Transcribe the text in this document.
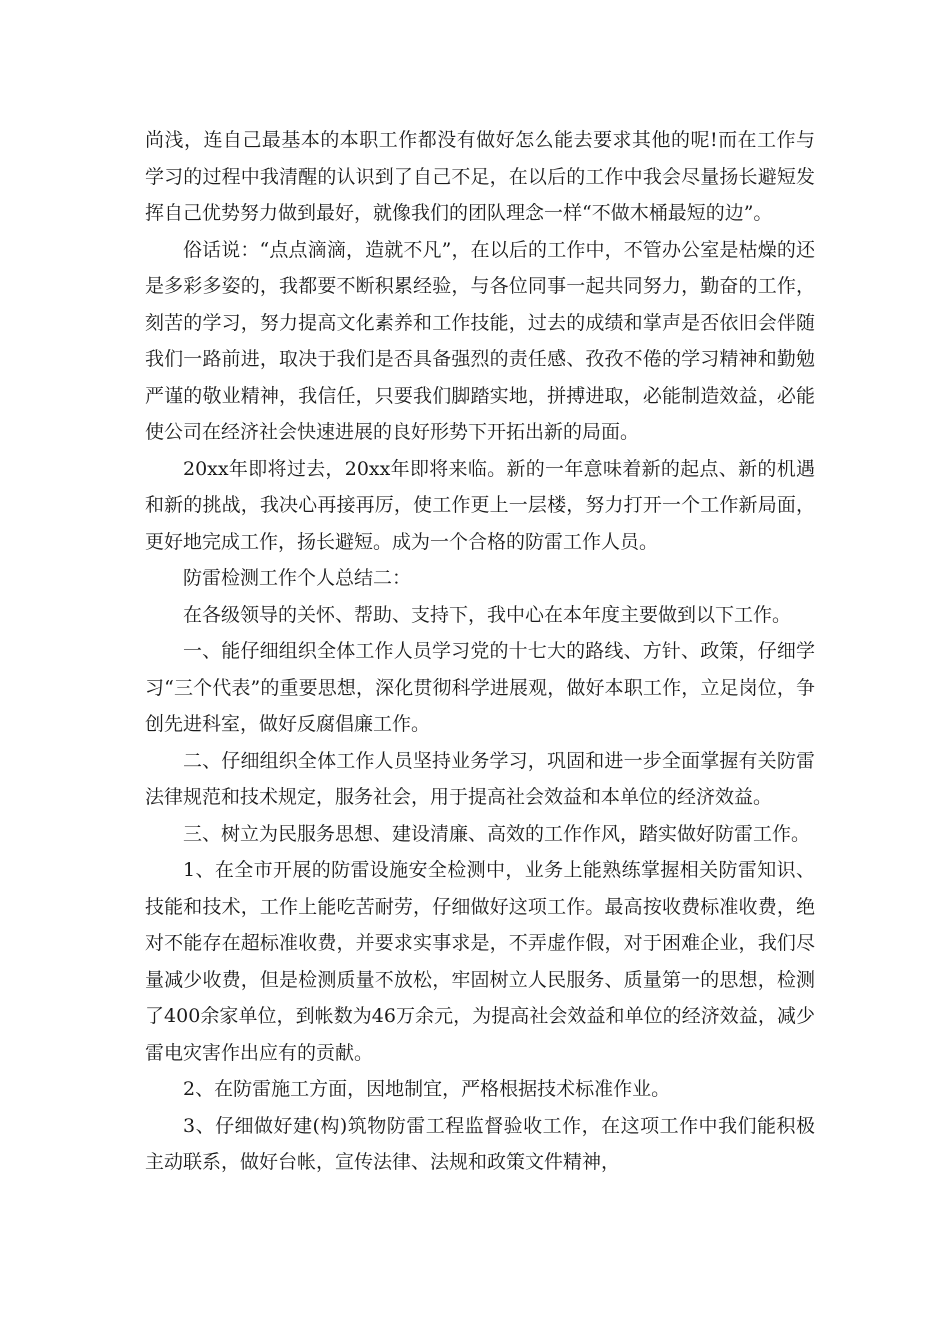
尚浅，连自己最基本的本职工作都没有做好怎么能去要求其他的呢!而在工作与学习的过程中我清醒的认识到了自己不足，在以后的工作中我会尽量扬长避短发挥自己优势努力做到最好，就像我们的团队理念一样“不做木桶最短的边”。

俗话说：“点点滴滴，造就不凡”，在以后的工作中，不管办公室是枯燥的还是多彩多姿的，我都要不断积累经验，与各位同事一起共同努力，勤奋的工作，刻苦的学习，努力提高文化素养和工作技能，过去的成绩和掌声是否依旧会伴随我们一路前进，取决于我们是否具备强烈的责任感、孜孜不倦的学习精神和勤勉严谨的敬业精神，我信任，只要我们脚踏实地，拼搏进取，必能制造效益，必能使公司在经济社会快速进展的良好形势下开拓出新的局面。

20xx年即将过去，20xx年即将来临。新的一年意味着新的起点、新的机遇和新的挑战，我决心再接再厉，使工作更上一层楼，努力打开一个工作新局面，更好地完成工作，扬长避短。成为一个合格的防雷工作人员。

防雷检测工作个人总结二：

在各级领导的关怀、帮助、支持下，我中心在本年度主要做到以下工作。

一、能仔细组织全体工作人员学习党的十七大的路线、方针、政策，仔细学习“三个代表”的重要思想，深化贯彻科学进展观，做好本职工作，立足岗位，争创先进科室，做好反腐倡廉工作。

二、仔细组织全体工作人员坚持业务学习，巩固和进一步全面掌握有关防雷法律规范和技术规定，服务社会，用于提高社会效益和本单位的经济效益。

三、树立为民服务思想、建设清廉、高效的工作作风，踏实做好防雷工作。

1、在全市开展的防雷设施安全检测中，业务上能熟练掌握相关防雷知识、技能和技术，工作上能吃苦耐劳，仔细做好这项工作。最高按收费标准收费，绝对不能存在超标准收费，并要求实事求是，不弄虚作假，对于困难企业，我们尽量减少收费，但是检测质量不放松，牢固树立人民服务、质量第一的思想，检测了400余家单位，到帐数为46万余元，为提高社会效益和单位的经济效益，减少雷电灾害作出应有的贡献。

2、在防雷施工方面，因地制宜，严格根据技术标准作业。

3、仔细做好建(构)筑物防雷工程监督验收工作，在这项工作中我们能积极主动联系，做好台帐，宣传法律、法规和政策文件精神，
